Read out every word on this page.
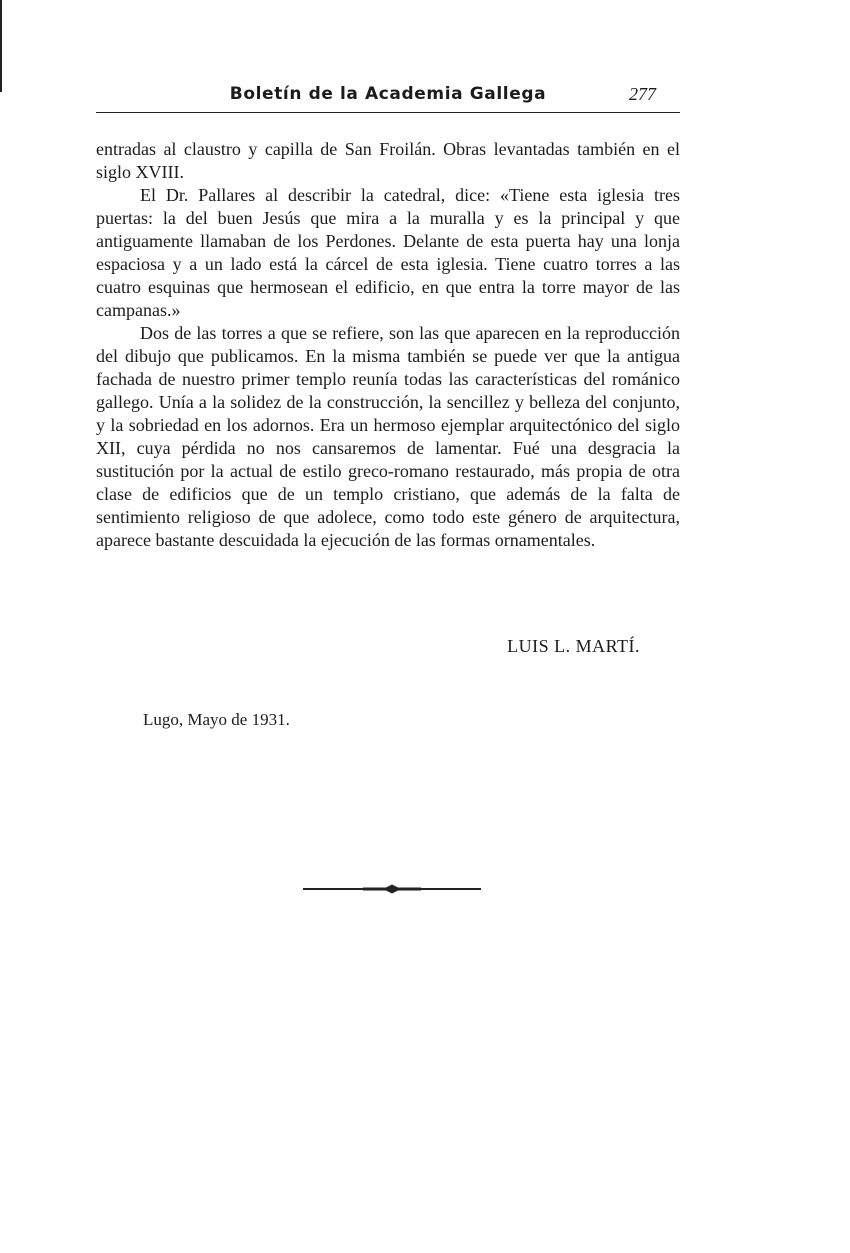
Boletín de la Academia Gallega	277

entradas al claustro y capilla de San Froilán. Obras levantadas también en el siglo XVIII.

El Dr. Pallares al describir la catedral, dice: «Tiene esta iglesia tres puertas: la del buen Jesús que mira a la muralla y es la principal y que antiguamente llamaban de los Perdones. Delante de esta puerta hay una lonja espaciosa y a un lado está la cárcel de esta iglesia. Tiene cuatro torres a las cuatro esquinas que hermosean el edificio, en que entra la torre mayor de las campanas.»

Dos de las torres a que se refiere, son las que aparecen en la reproducción del dibujo que publicamos. En la misma también se puede ver que la antigua fachada de nuestro primer templo reunía todas las características del románico gallego. Unía a la solidez de la construcción, la sencillez y belleza del conjunto, y la sobriedad en los adornos. Era un hermoso ejemplar arquitectónico del siglo XII, cuya pérdida no nos cansaremos de lamentar. Fué una desgracia la sustitución por la actual de estilo greco-romano restaurado, más propia de otra clase de edificios que de un templo cristiano, que además de la falta de sentimiento religioso de que adolece, como todo este género de arquitectura, aparece bastante descuidada la ejecución de las formas ornamentales.

LUIS L. MARTÍ.
Lugo, Mayo de 1931.
